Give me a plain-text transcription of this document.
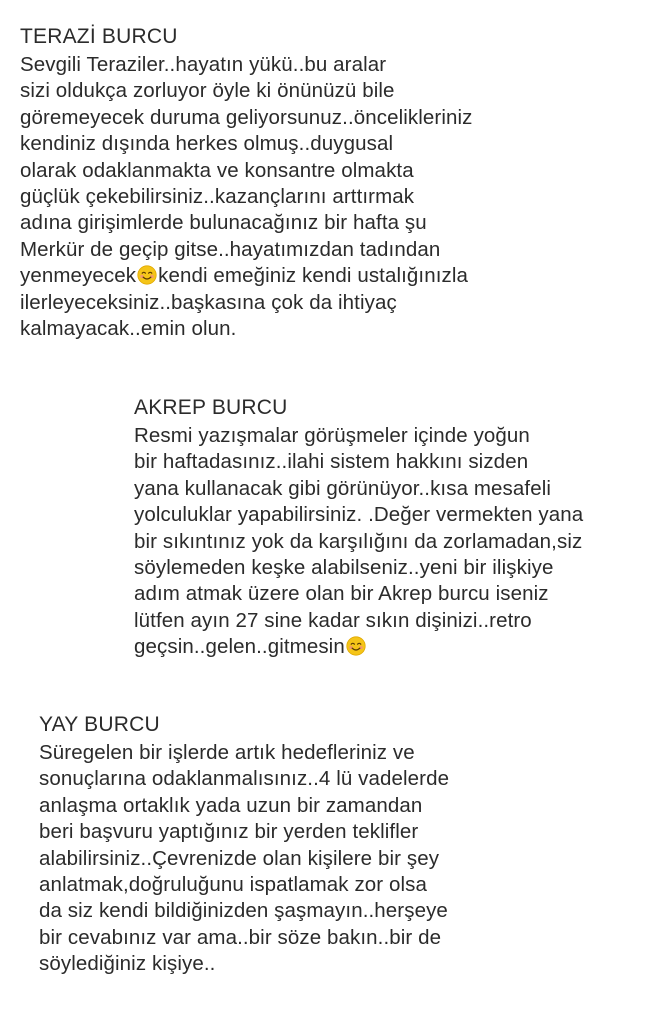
TERAZİ BURCU
Sevgili Teraziler..hayatın yükü..bu aralar
sizi oldukça zorluyor öyle ki önünüzü bile
göremeyecek duruma geliyorsunuz..öncelikleriniz
kendiniz dışında herkes olmuş..duygusal
olarak odaklanmakta ve konsantre olmakta
güçlük çekebilirsiniz..kazançlarını arttırmak
adına girişimlerde bulunacağınız bir hafta şu
Merkür de geçip gitse..hayatımızdan tadından
yenmeyecek kendi emeğiniz kendi ustalığınızla
ilerleyeceksiniz..başkasına çok da ihtiyaç
kalmayacak..emin olun.
AKREP BURCU
Resmi yazışmalar görüşmeler içinde yoğun
bir haftadasınız..ilahi sistem hakkını sizden
yana kullanacak gibi görünüyor..kısa mesafeli
yolculuklar yapabilirsiniz. .Değer vermekten yana
bir sıkıntınız yok da karşılığını da zorlamadan,siz
söylemeden keşke alabilseniz..yeni bir ilişkiye
adım atmak üzere olan bir Akrep burcu iseniz
lütfen ayın 27 sine kadar sıkın dişinizi..retro
geçsin..gelen..gitmesin
YAY BURCU
Süregelen bir işlerde artık hedefleriniz ve
sonuçlarına odaklanmalısınız..4 lü vadelerde
anlaşma ortaklık yada uzun bir zamandan
beri başvuru yaptığınız bir yerden teklifler
alabilirsiniz..Çevrenizde olan kişilere bir şey
anlatmak,doğruluğunu ispatlamak zor olsa
da siz kendi bildiğinizden şaşmayın..herşeye
bir cevabınız var ama..bir söze bakın..bir de
söylediğiniz kişiye..
